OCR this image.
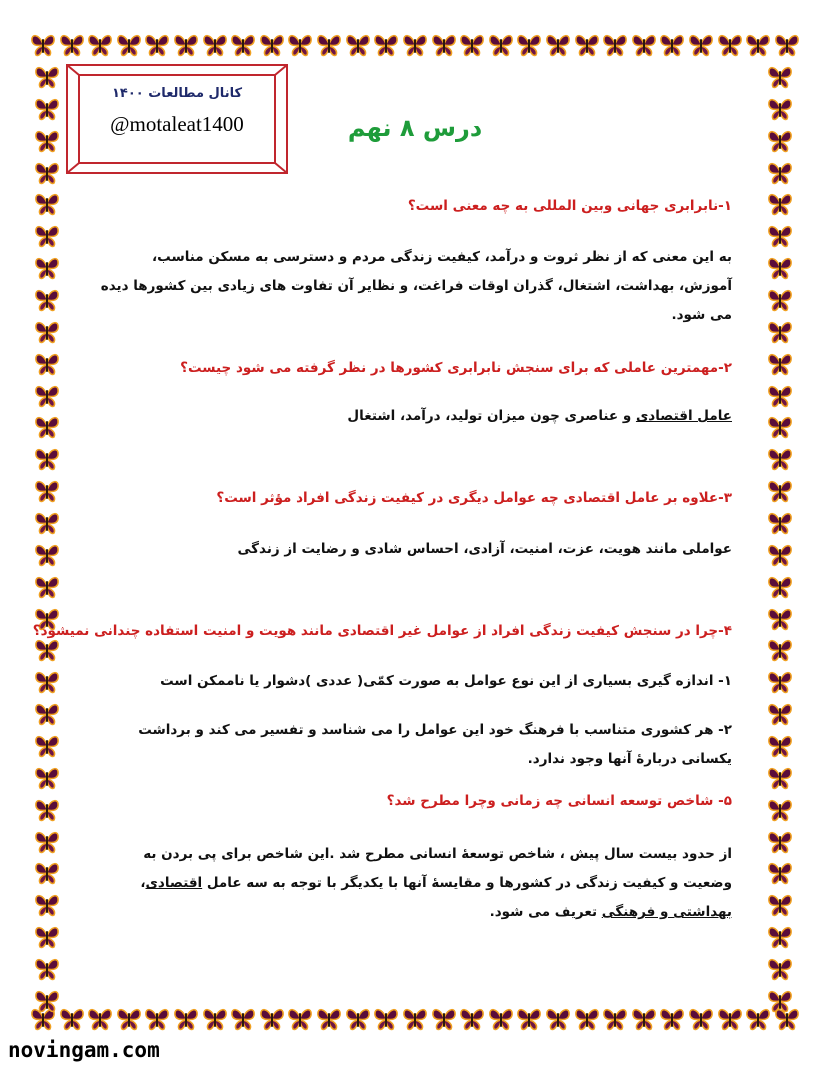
کانال مطالعات ۱۴۰۰
@motaleat1400	درس ۸ نهم
۱-نابرابری جهانی وبین المللی به چه معنی است؟
به این معنی که از نظر ثروت و درآمد، کیفیت زندگی مردم و دسترسی به مسکن مناسب، آموزش، بهداشت، اشتغال، گذران اوقات فراغت، و نظایر آن تفاوت های زیادی بین کشورها دیده می شود.
۲-مهمترین عاملی که برای سنجش نابرابری کشورها در نظر گرفته می شود چیست؟
عامل اقتصادی و عناصری چون میزان تولید، درآمد، اشتغال
۳-علاوه بر عامل اقتصادی چه عوامل دیگری در کیفیت زندگی افراد مؤثر است؟
عواملی مانند هویت، عزت، امنیت، آزادی، احساس شادی و رضایت از زندگی
۴-چرا در سنجش کیفیت زندگی افراد از عوامل غیر اقتصادی مانند هویت و امنیت استفاده چندانی نمیشود؟
۱- اندازه گیری بسیاری از این نوع عوامل به صورت کمّی( عددی )دشوار یا ناممکن است
۲- هر کشوری متناسب با فرهنگ خود این عوامل را می شناسد و تفسیر می کند و برداشت یکسانی دربارهٔ آنها وجود ندارد.
۵- شاخص توسعه انسانی چه زمانی وچرا مطرح شد؟
از حدود بیست سال پیش ، شاخص توسعهٔ انسانی مطرح شد .این شاخص برای پی بردن به وضعیت و کیفیت زندگی در کشورها و مقایسهٔ آنها با یکدیگر با توجه به سه عامل اقتصادی، بهداشتی و فرهنگی تعریف می شود.
novingam.com
